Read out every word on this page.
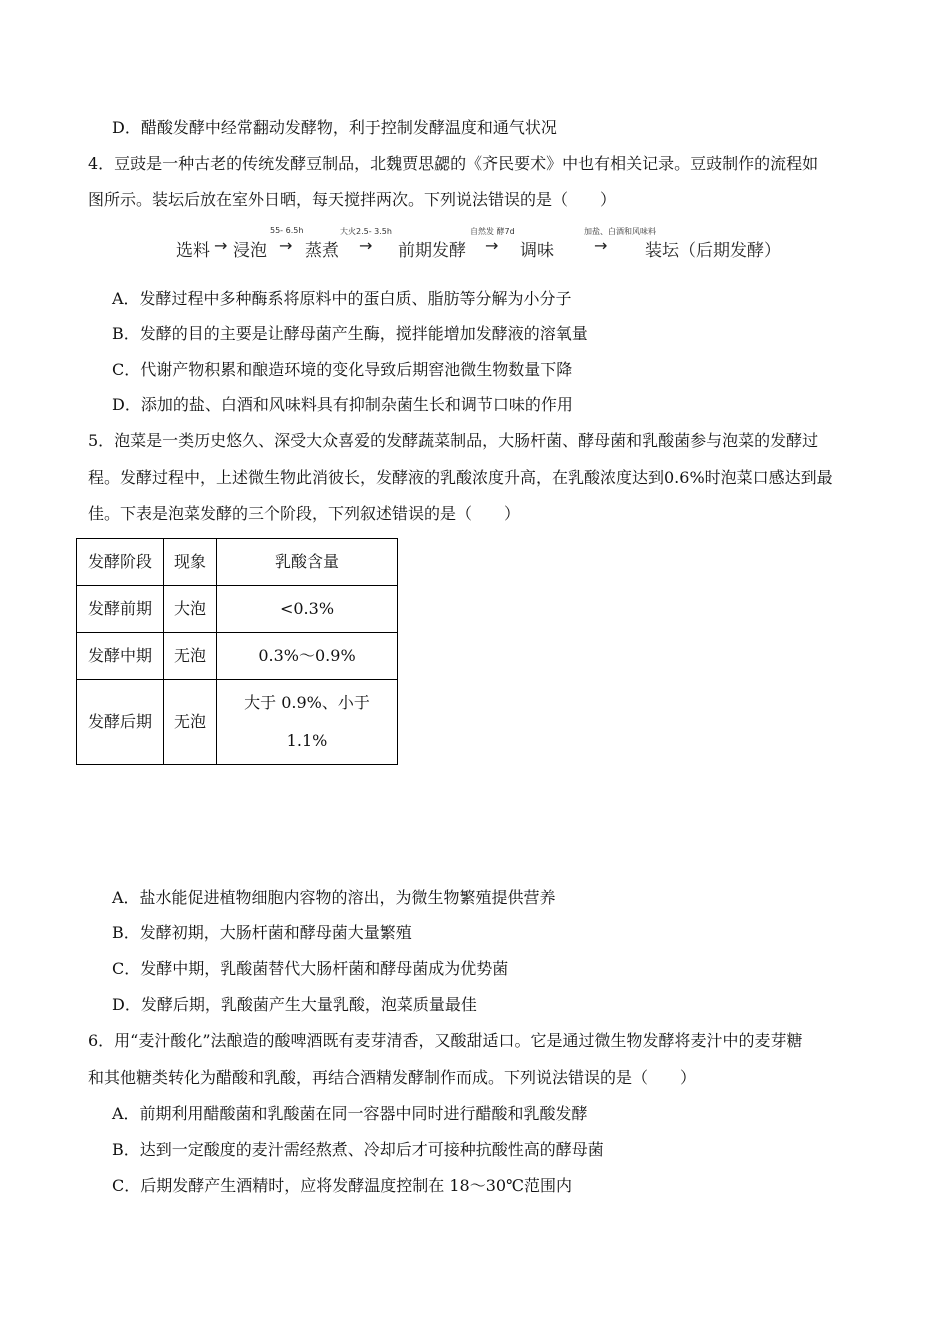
D．醋酸发酵中经常翻动发酵物，利于控制发酵温度和通气状况
4．豆豉是一种古老的传统发酵豆制品，北魏贾思勰的《齐民要术》中也有相关记录。豆豉制作的流程如
图所示。装坛后放在室外日晒，每天搅拌两次。下列说法错误的是（　　）
55- 6.5h	大火2.5- 3.5h	自然发 酵7d	加盐、白酒和风味料
选料 → 浸泡 → 蒸煮 → 前期发酵 → 调味	→ 装坛（后期发酵）
A．发酵过程中多种酶系将原料中的蛋白质、脂肪等分解为小分子
B．发酵的目的主要是让酵母菌产生酶，搅拌能增加发酵液的溶氧量
C．代谢产物积累和酿造环境的变化导致后期窖池微生物数量下降
D．添加的盐、白酒和风味料具有抑制杂菌生长和调节口味的作用
5．泡菜是一类历史悠久、深受大众喜爱的发酵蔬菜制品，大肠杆菌、酵母菌和乳酸菌参与泡菜的发酵过
程。发酵过程中，上述微生物此消彼长，发酵液的乳酸浓度升高，在乳酸浓度达到0.6%时泡菜口感达到最
佳。下表是泡菜发酵的三个阶段，下列叙述错误的是（　　）
发酵阶段	现象	乳酸含量
发酵前期	大泡	<0.3%
发酵中期	无泡	0.3%～0.9%
发酵后期	无泡	大于 0.9%、小于 1.1%
A．盐水能促进植物细胞内容物的溶出，为微生物繁殖提供营养
B．发酵初期，大肠杆菌和酵母菌大量繁殖
C．发酵中期，乳酸菌替代大肠杆菌和酵母菌成为优势菌
D．发酵后期，乳酸菌产生大量乳酸，泡菜质量最佳
6．用“麦汁酸化”法酿造的酸啤酒既有麦芽清香，又酸甜适口。它是通过微生物发酵将麦汁中的麦芽糖
和其他糖类转化为醋酸和乳酸，再结合酒精发酵制作而成。下列说法错误的是（　　）
A．前期利用醋酸菌和乳酸菌在同一容器中同时进行醋酸和乳酸发酵
B．达到一定酸度的麦汁需经熬煮、冷却后才可接种抗酸性高的酵母菌
C．后期发酵产生酒精时，应将发酵温度控制在 18～30℃范围内
